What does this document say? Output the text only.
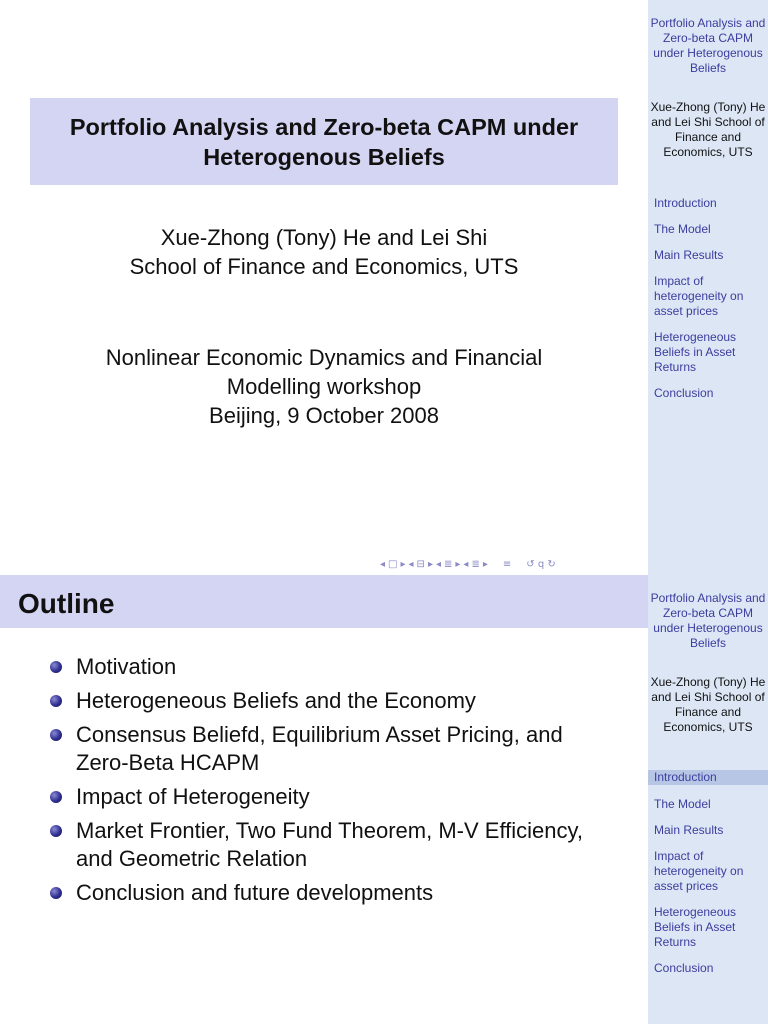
Portfolio Analysis and Zero-beta CAPM under Heterogenous Beliefs
Xue-Zhong (Tony) He and Lei Shi
School of Finance and Economics, UTS
Nonlinear Economic Dynamics and Financial
Modelling workshop
Beijing, 9 October 2008
◂ □ ▸ ◂ ⊟ ▸ ◂ ≣ ▸ ◂ ≣ ▸ ≡ ↺ q ↻
Portfolio Analysis and Zero-beta CAPM under Heterogenous Beliefs
Xue-Zhong (Tony) He and Lei Shi School of Finance and Economics, UTS
Introduction
The Model
Main Results
Impact of heterogeneity on asset prices
Heterogeneous Beliefs in Asset Returns
Conclusion
Outline
Motivation
Heterogeneous Beliefs and the Economy
Consensus Beliefd, Equilibrium Asset Pricing, and Zero-Beta HCAPM
Impact of Heterogeneity
Market Frontier, Two Fund Theorem, M-V Efficiency, and Geometric Relation
Conclusion and future developments
Portfolio Analysis and Zero-beta CAPM under Heterogenous Beliefs
Xue-Zhong (Tony) He and Lei Shi School of Finance and Economics, UTS
Introduction
The Model
Main Results
Impact of heterogeneity on asset prices
Heterogeneous Beliefs in Asset Returns
Conclusion
